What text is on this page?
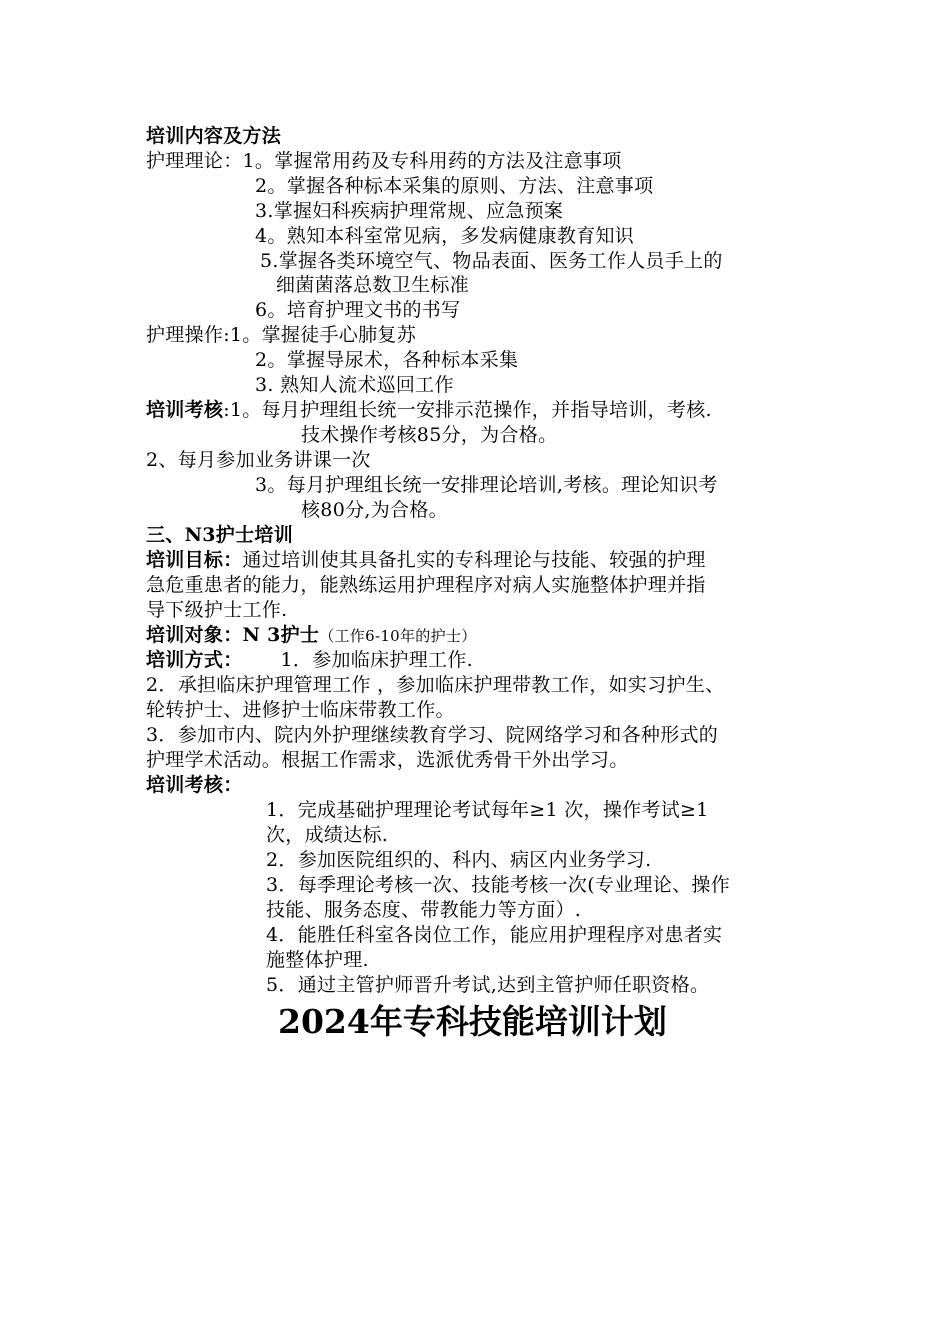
培训内容及方法
护理理论：1。掌握常用药及专科用药的方法及注意事项
2。掌握各种标本采集的原则、方法、注意事项
3.掌握妇科疾病护理常规、应急预案
4。熟知本科室常见病，多发病健康教育知识
5.掌握各类环境空气、物品表面、医务工作人员手上的
细菌菌落总数卫生标准
6。培育护理文书的书写
护理操作:1。掌握徒手心肺复苏
2。掌握导尿术，各种标本采集
3. 熟知人流术巡回工作
培训考核:1。每月护理组长统一安排示范操作，并指导培训，考核.
技术操作考核85分，为合格。
2、每月参加业务讲课一次
3。每月护理组长统一安排理论培训,考核。理论知识考
核80分,为合格。
三、N3护士培训
培训目标：通过培训使其具备扎实的专科理论与技能、较强的护理
急危重患者的能力，能熟练运用护理程序对病人实施整体护理并指
导下级护士工作.
培训对象：N 3护士（工作6-10年的护士）
培训方式： 1．参加临床护理工作.
2．承担临床护理管理工作 ，参加临床护理带教工作，如实习护生、
轮转护士、进修护士临床带教工作。
3．参加市内、院内外护理继续教育学习、院网络学习和各种形式的
护理学术活动。根据工作需求，选派优秀骨干外出学习。
培训考核：
1．完成基础护理理论考试每年≥1 次，操作考试≥1
次，成绩达标.
2．参加医院组织的、科内、病区内业务学习.
3．每季理论考核一次、技能考核一次(专业理论、操作
技能、服务态度、带教能力等方面）.
4．能胜任科室各岗位工作，能应用护理程序对患者实
施整体护理.
5．通过主管护师晋升考试,达到主管护师任职资格。
2024年专科技能培训计划
